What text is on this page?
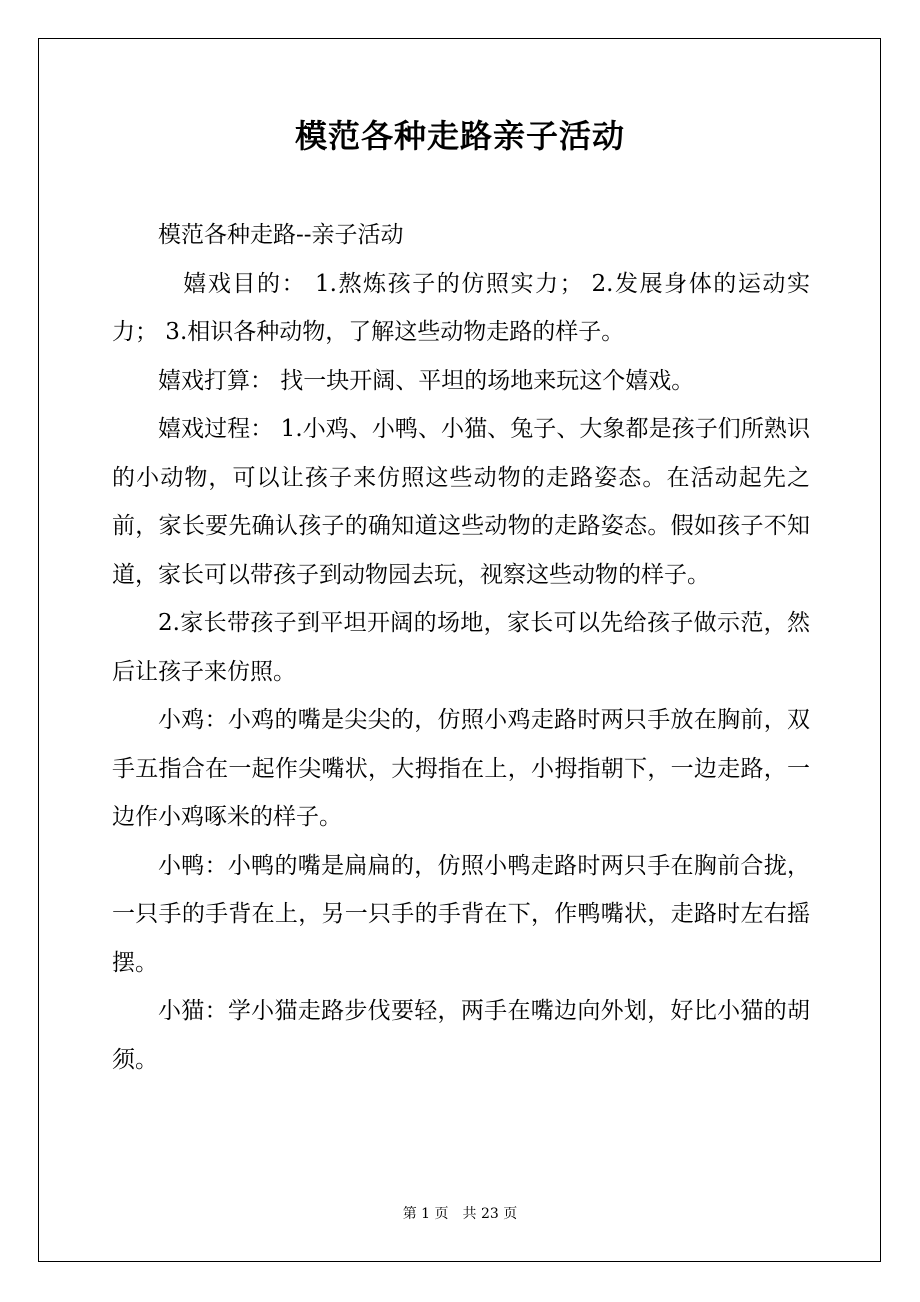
模范各种走路亲子活动

模范各种走路--亲子活动

嬉戏目的： 1.熬炼孩子的仿照实力； 2.发展身体的运动实力； 3.相识各种动物，了解这些动物走路的样子。

嬉戏打算： 找一块开阔、平坦的场地来玩这个嬉戏。

嬉戏过程： 1.小鸡、小鸭、小猫、兔子、大象都是孩子们所熟识的小动物，可以让孩子来仿照这些动物的走路姿态。在活动起先之前，家长要先确认孩子的确知道这些动物的走路姿态。假如孩子不知道，家长可以带孩子到动物园去玩，视察这些动物的样子。

2.家长带孩子到平坦开阔的场地，家长可以先给孩子做示范，然后让孩子来仿照。

小鸡：小鸡的嘴是尖尖的，仿照小鸡走路时两只手放在胸前，双手五指合在一起作尖嘴状，大拇指在上，小拇指朝下，一边走路，一边作小鸡啄米的样子。

小鸭：小鸭的嘴是扁扁的，仿照小鸭走路时两只手在胸前合拢，一只手的手背在上，另一只手的手背在下，作鸭嘴状，走路时左右摇摆。

小猫：学小猫走路步伐要轻，两手在嘴边向外划，好比小猫的胡须。

第 1 页　共 23 页
